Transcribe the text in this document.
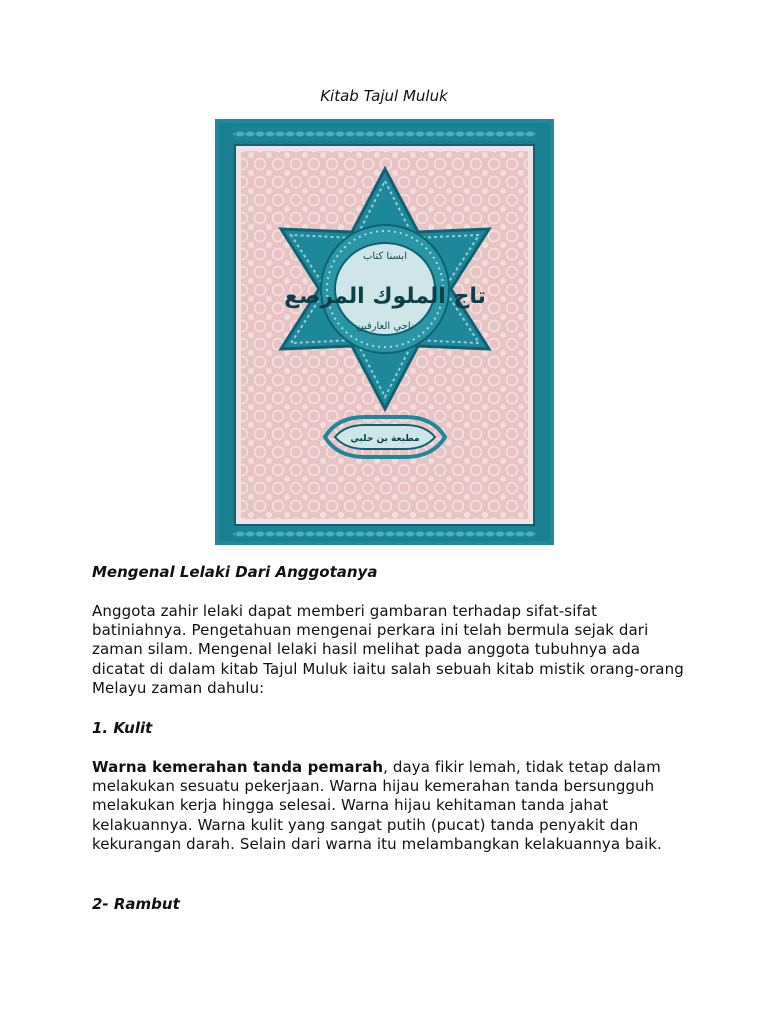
Kitab Tajul Muluk
ابسنا كتاب
تاج الملوك المرصع
ناجي العارفين
مطبعة بن حلبي
Mengenal Lelaki Dari Anggotanya

Anggota zahir lelaki dapat memberi gambaran terhadap sifat-sifat batiniahnya. Pengetahuan mengenai perkara ini telah bermula sejak dari zaman silam. Mengenal lelaki hasil melihat pada anggota tubuhnya ada dicatat di dalam kitab Tajul Muluk iaitu salah sebuah kitab mistik orang-orang Melayu zaman dahulu:

1. Kulit

Warna kemerahan tanda pemarah, daya fikir lemah, tidak tetap dalam melakukan sesuatu pekerjaan. Warna hijau kemerahan tanda bersungguh melakukan kerja hingga selesai. Warna hijau kehitaman tanda jahat kelakuannya. Warna kulit yang sangat putih (pucat) tanda penyakit dan kekurangan darah. Selain dari warna itu melambangkan kelakuannya baik.

2- Rambut
